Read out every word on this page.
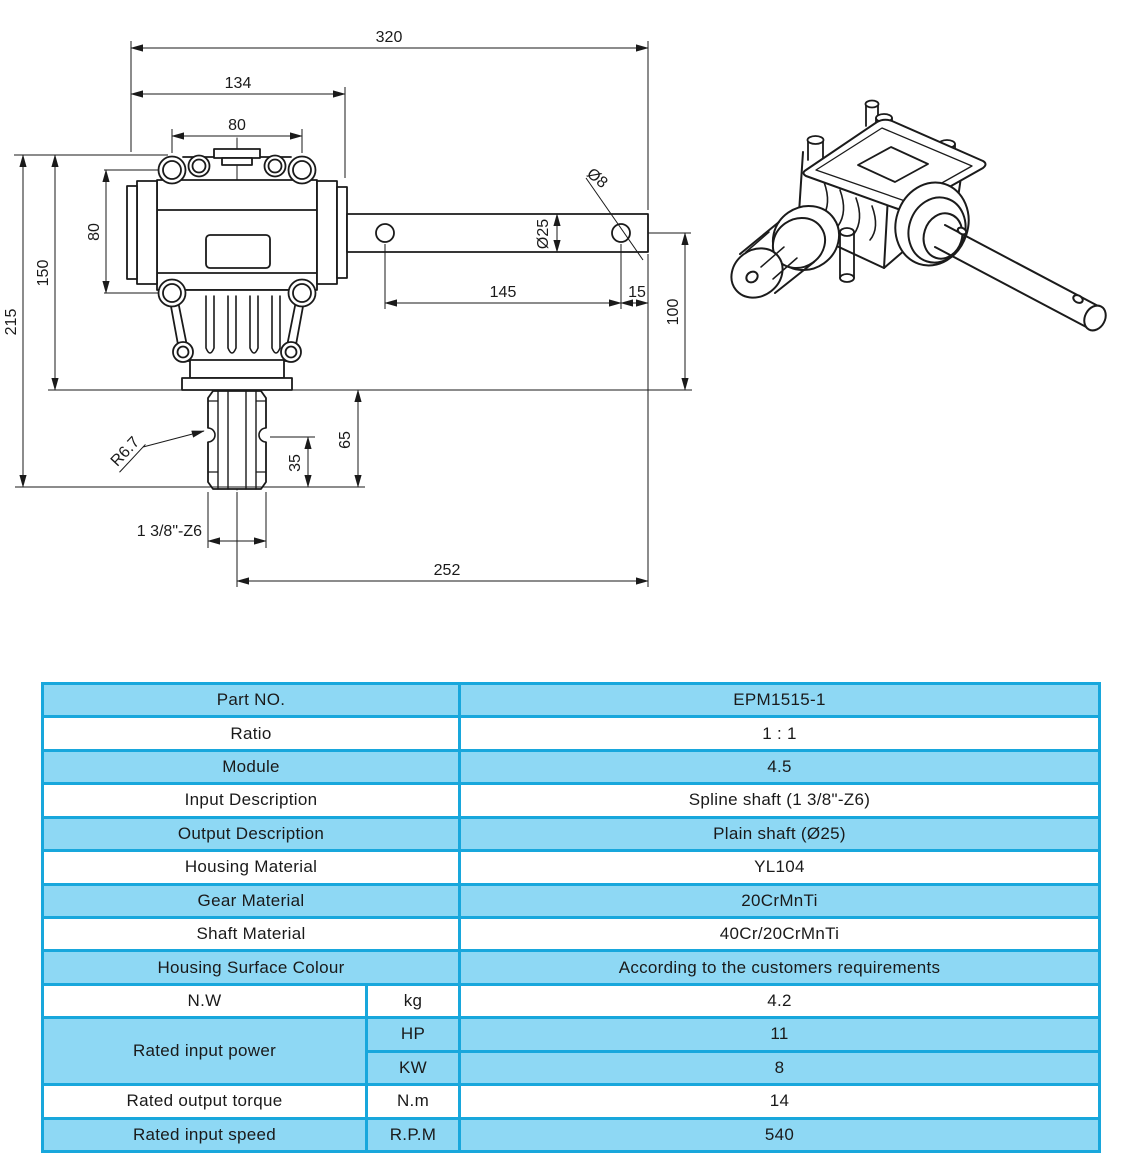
320
134
80
80
150
215
145	15
100
Ø25
Ø8
65
35
252
R6.7
1 3/8"-Z6
Part NO.	EPM1515-1
Ratio	1 : 1
Module	4.5
Input Description	Spline shaft (1 3/8"-Z6)
Output Description	Plain shaft (Ø25)
Housing Material	YL104
Gear Material	20CrMnTi
Shaft Material	40Cr/20CrMnTi
Housing Surface Colour	According to the customers requirements
N.W	kg	4.2
Rated input power
HP	11
KW	8
Rated output torque	N.m	14
Rated input speed	R.P.M	540
